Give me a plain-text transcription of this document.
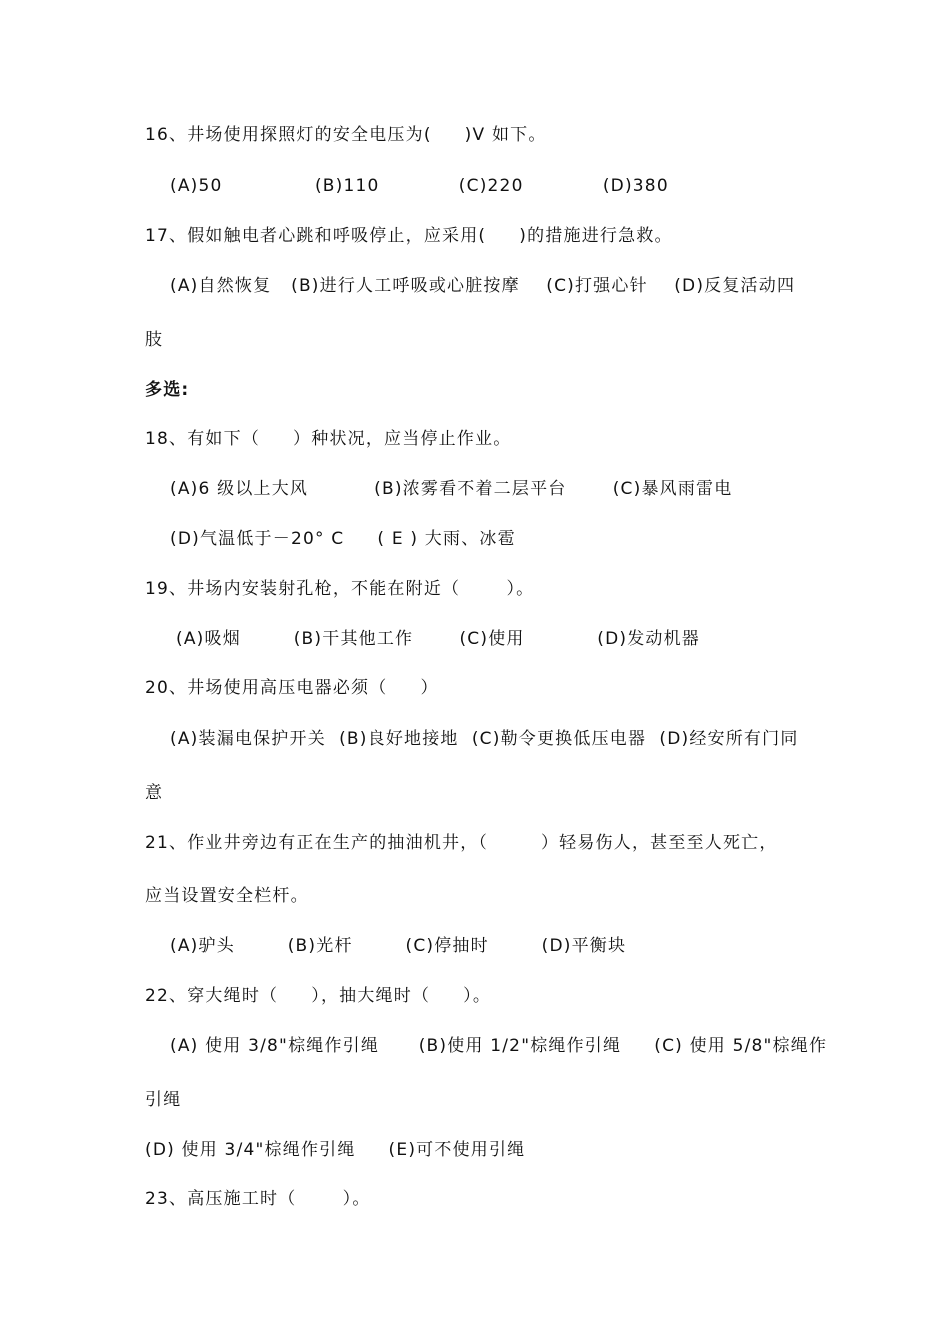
16、井场使用探照灯的安全电压为(     )V 如下。
(A)50              (B)110            (C)220            (D)380
17、假如触电者心跳和呼吸停止，应采用(     )的措施进行急救。
(A)自然恢复   (B)进行人工呼吸或心脏按摩    (C)打强心针    (D)反复活动四
肢
多选:
18、有如下（     ）种状况，应当停止作业。
(A)6 级以上大风          (B)浓雾看不着二层平台       (C)暴风雨雷电
(D)气温低于－20° C     ( E ) 大雨、冰雹
19、井场内安装射孔枪，不能在附近（       ）。
(A)吸烟        (B)干其他工作       (C)使用           (D)发动机器
20、井场使用高压电器必须（     ）
(A)装漏电保护开关  (B)良好地接地  (C)勒令更换低压电器  (D)经安所有门同
意
21、作业井旁边有正在生产的抽油机井，（        ）轻易伤人，甚至至人死亡，
应当设置安全栏杆。
(A)驴头        (B)光杆        (C)停抽时        (D)平衡块
22、穿大绳时（     ），抽大绳时（     ）。
(A) 使用 3/8"棕绳作引绳      (B)使用 1/2"棕绳作引绳     (C) 使用 5/8"棕绳作
引绳
(D) 使用 3/4"棕绳作引绳     (E)可不使用引绳
23、高压施工时（       ）。
